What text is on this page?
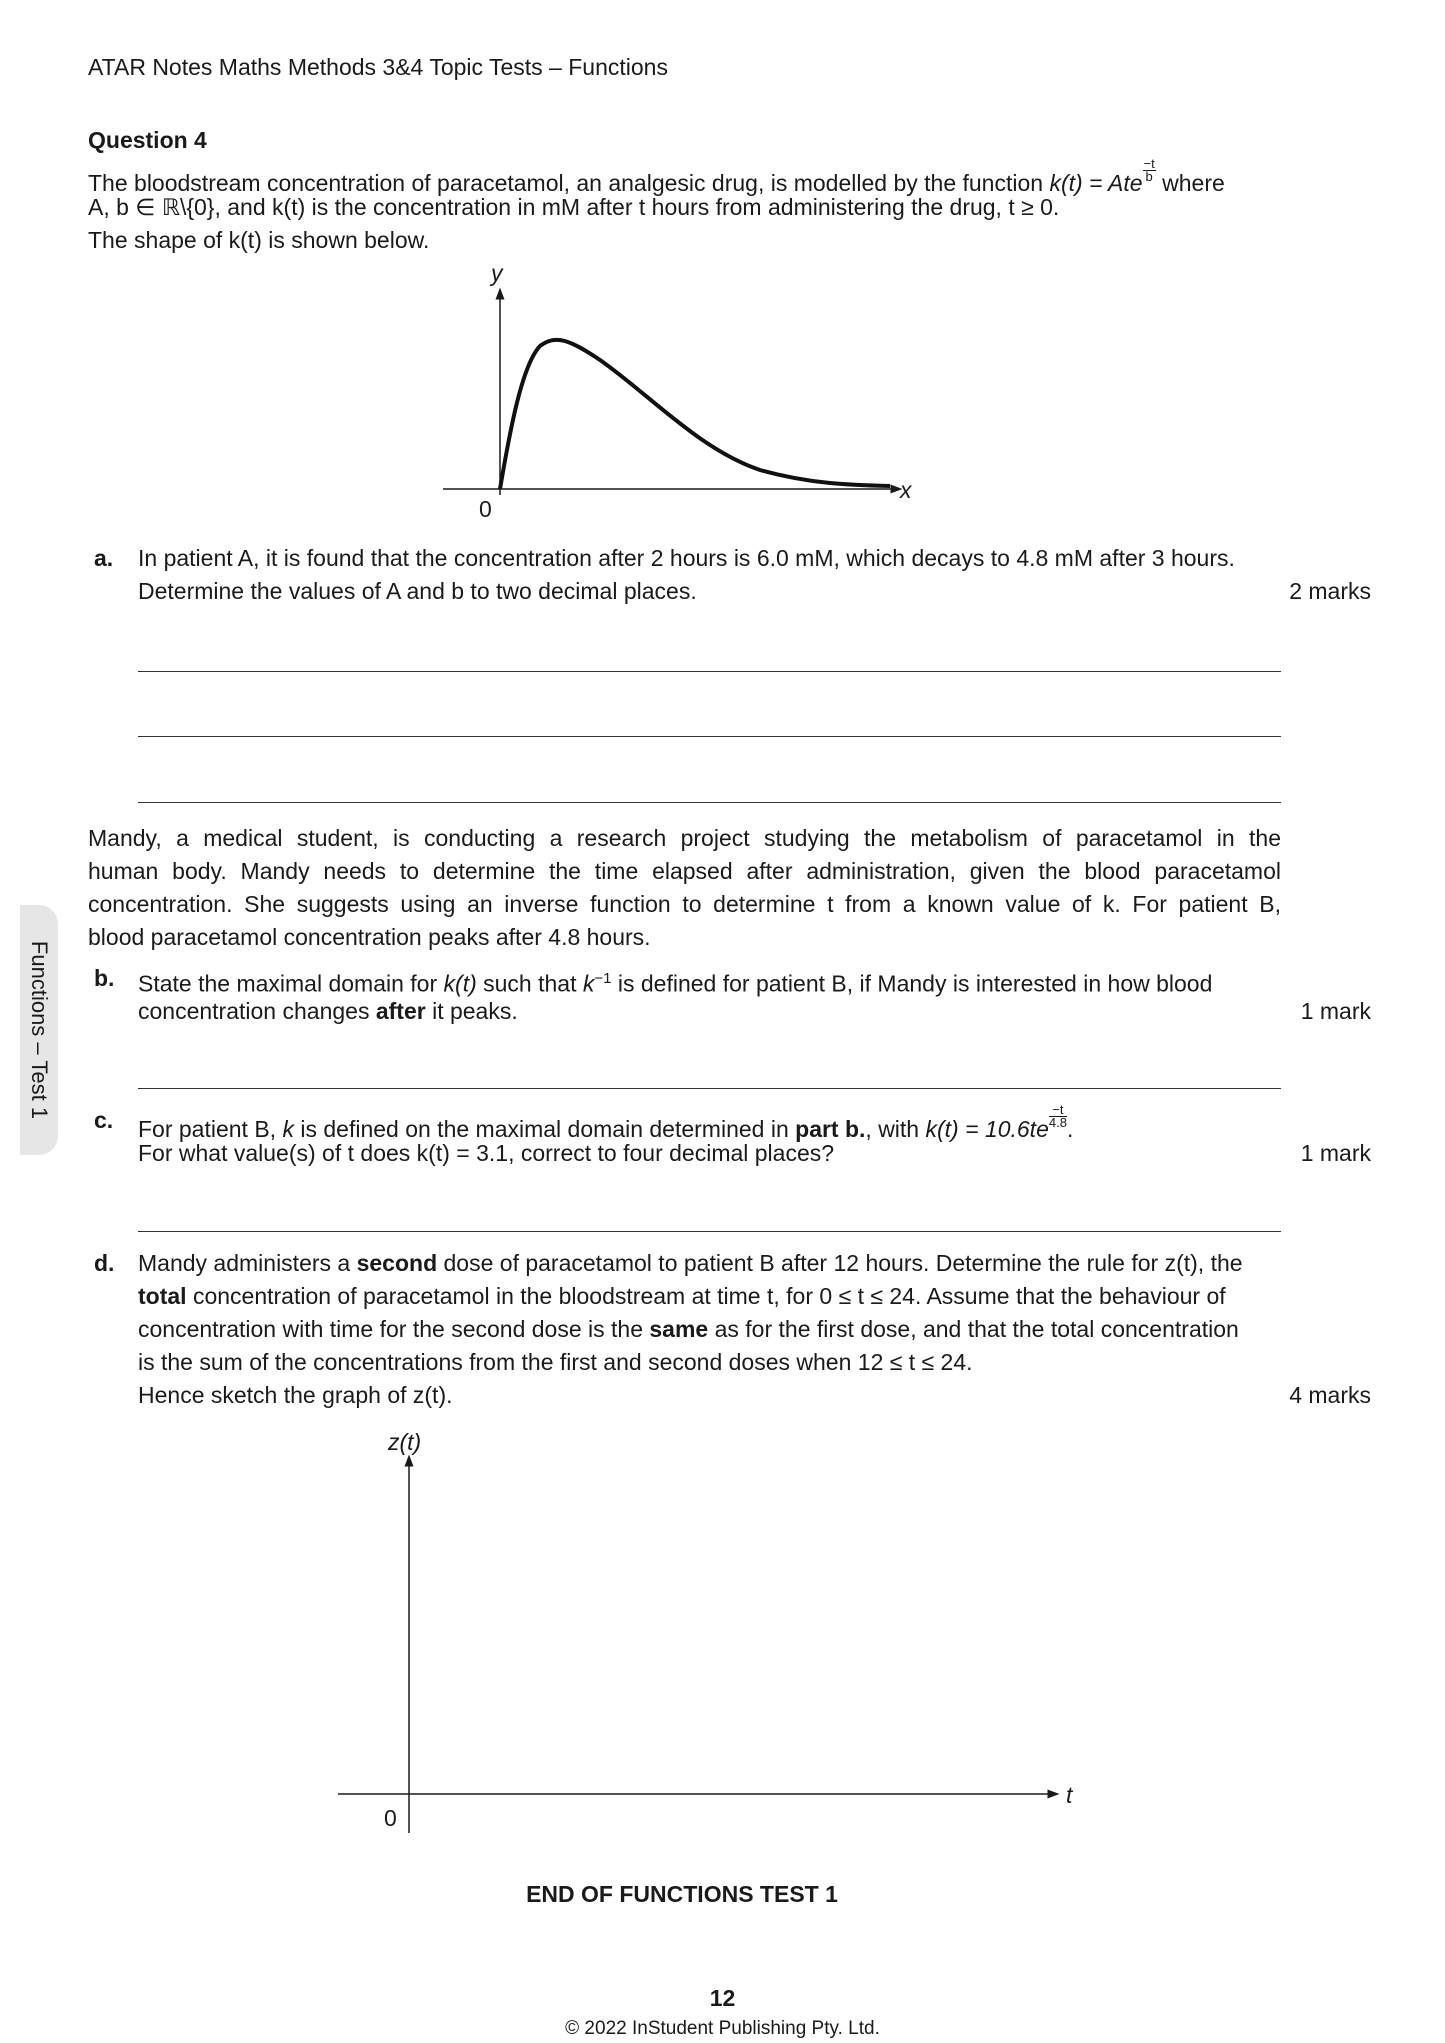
ATAR Notes Maths Methods 3&4 Topic Tests – Functions
Question 4
The bloodstream concentration of paracetamol, an analgesic drug, is modelled by the function k(t) = Ate $\frac{-t}{b}$ where
A, b ∈ ℝ\{0}, and k(t) is the concentration in mM after t hours from administering the drug, t ≥ 0.
The shape of k(t) is shown below.
y
x
0
a. In patient A, it is found that the concentration after 2 hours is 6.0 mM, which decays to 4.8 mM after 3 hours.
Determine the values of A and b to two decimal places.	2 marks
Mandy, a medical student, is conducting a research project studying the metabolism of paracetamol in the
human body. Mandy needs to determine the time elapsed after administration, given the blood paracetamol
concentration. She suggests using an inverse function to determine t from a known value of k. For patient B,
blood paracetamol concentration peaks after 4.8 hours.
b. State the maximal domain for k(t) such that $k^{-1}$ is defined for patient B, if Mandy is interested in how blood
concentration changes after it peaks.	1 mark
c. For patient B, k is defined on the maximal domain determined in part b., with $k(t) = 10.6te \frac{-t}{4.8}$ .
For what value(s) of t does k(t) = 3.1, correct to four decimal places?	1 mark
d. Mandy administers a second dose of paracetamol to patient B after 12 hours. Determine the rule for z(t), the
total concentration of paracetamol in the bloodstream at time t, for 0 ≤ t ≤ 24. Assume that the behaviour of
concentration with time for the second dose is the same as for the first dose, and that the total concentration
is the sum of the concentrations from the first and second doses when 12 ≤ t ≤ 24.
Hence sketch the graph of z(t).	4 marks
z(t)
t
0
Functions – Test 1
END OF FUNCTIONS TEST 1
12
© 2022 InStudent Publishing Pty. Ltd.
